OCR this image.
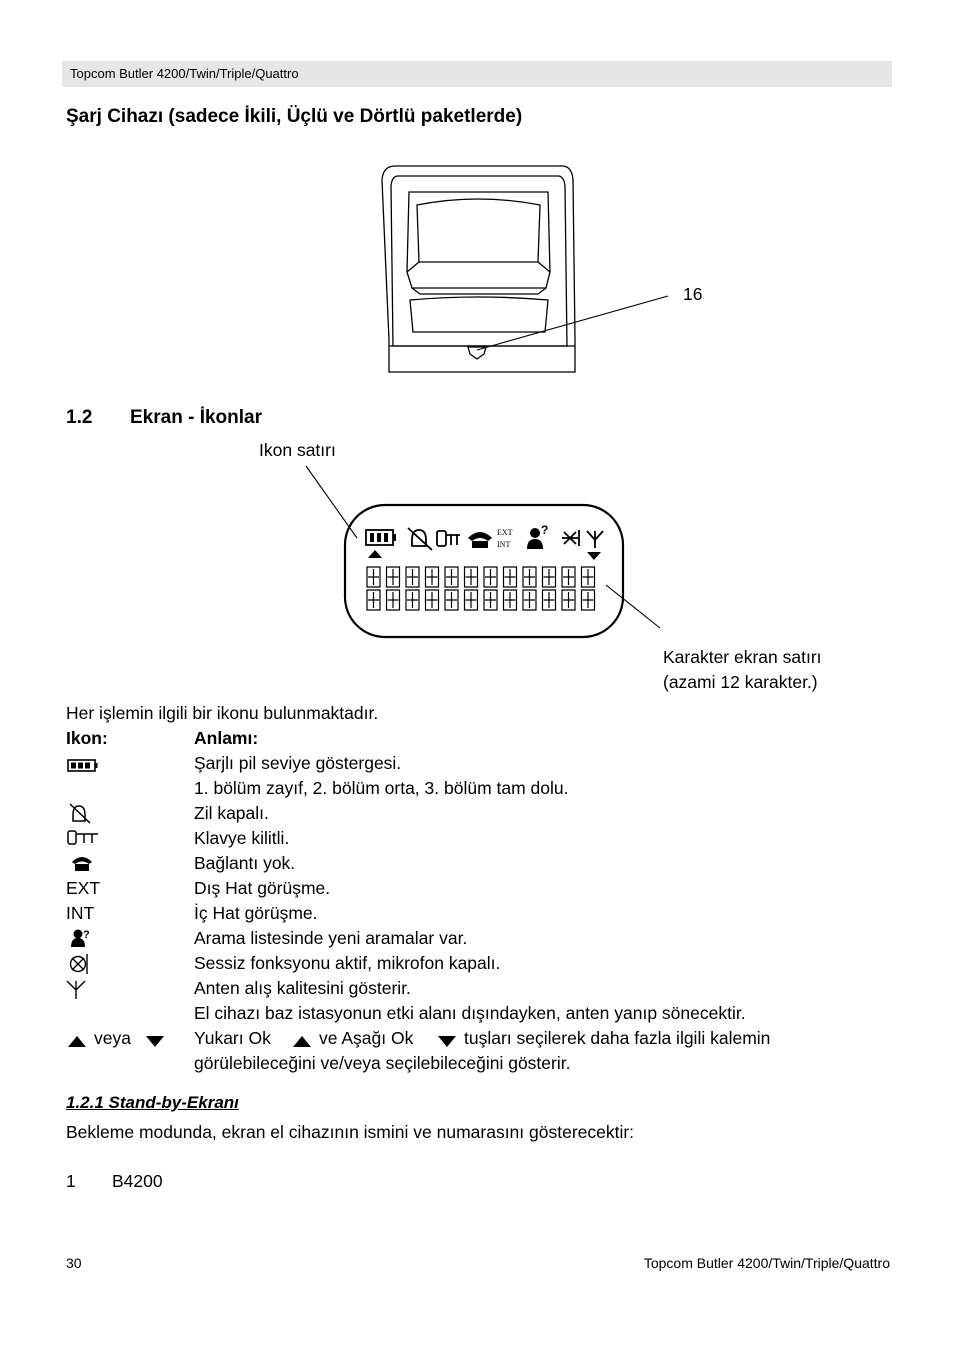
Topcom Butler 4200/Twin/Triple/Quattro
Şarj Cihazı (sadece İkili, Üçlü ve Dörtlü paketlerde)
16
1.2 Ekran - İkonlar
Ikon satırı
EXT
INT
?
Karakter ekran satırı
(azami 12 karakter.)
Her işlemin ilgili bir ikonu bulunmaktadır.
Ikon:	Anlamı:
Şarjlı pil seviye göstergesi.
1. bölüm zayıf, 2. bölüm orta, 3. bölüm tam dolu.
Zil kapalı.
Klavye kilitli.
Bağlantı yok.
EXT	Dış Hat görüşme.
INT	İç Hat görüşme.
Arama listesinde yeni aramalar var.
Sessiz fonksyonu aktif, mikrofon kapalı.
Anten alış kalitesini gösterir.
El cihazı baz istasyonun etki alanı dışındayken, anten yanıp sönecektir.
?
veya	Yukarı Ok	ve Aşağı Ok	tuşları seçilerek daha fazla ilgili kalemin
görülebileceğini ve/veya seçilebileceğini gösterir.
1.2.1 Stand-by-Ekranı
Bekleme modunda, ekran el cihazının ismini ve numarasını gösterecektir:
1 B4200
30	Topcom Butler 4200/Twin/Triple/Quattro
